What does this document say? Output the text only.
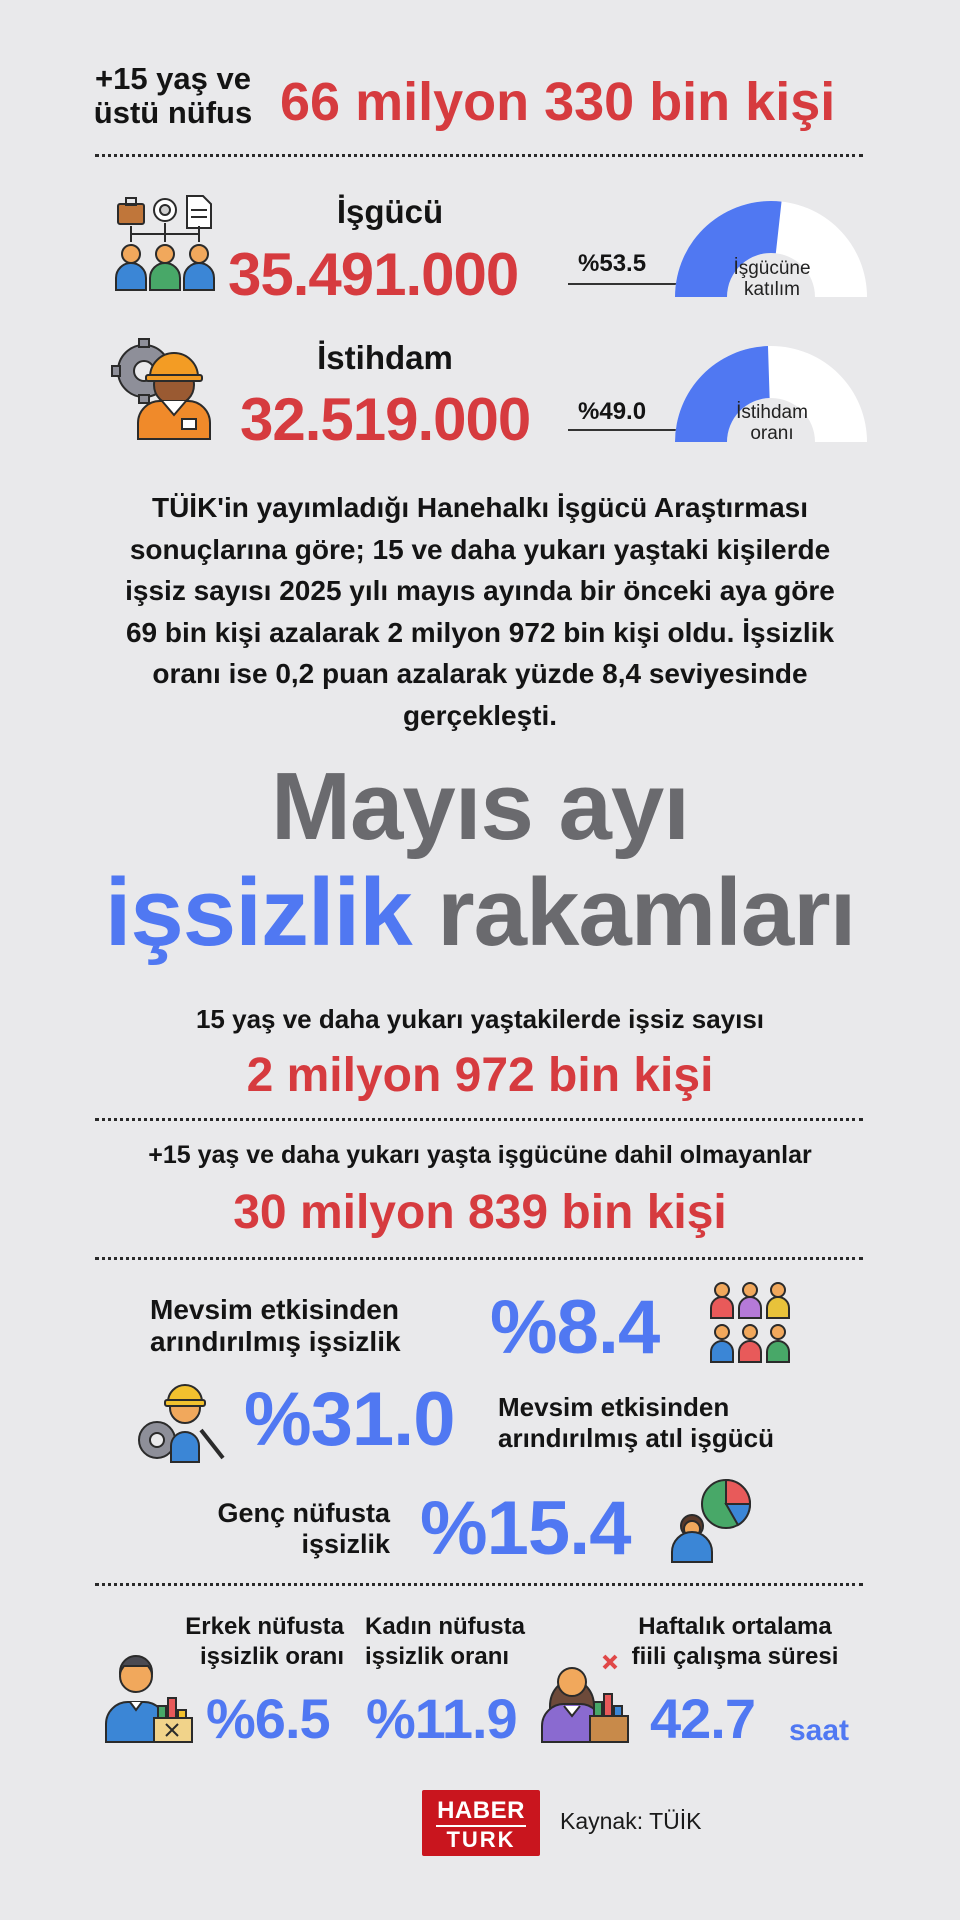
+15 yaş ve
üstü nüfus 66 milyon 330 bin kişi
İşgücü
35.491.000 %53.5	İşgücüne
katılım
İstihdam
32.519.000 %49.0	İstihdam
oranı
TÜİK'in yayımladığı Hanehalkı İşgücü Araştırması
sonuçlarına göre; 15 ve daha yukarı yaştaki kişilerde
işsiz sayısı 2025 yılı mayıs ayında bir önceki aya göre
69 bin kişi azalarak 2 milyon 972 bin kişi oldu. İşsizlik
oranı ise 0,2 puan azalarak yüzde 8,4 seviyesinde
gerçekleşti.
Mayıs ayı
işsizlik rakamları
15 yaş ve daha yukarı yaştakilerde işsiz sayısı
2 milyon 972 bin kişi
+15 yaş ve daha yukarı yaşta işgücüne dahil olmayanlar
30 milyon 839 bin kişi
Mevsim etkisinden
arındırılmış işsizlik	%8.4
%31.0 Mevsim etkisinden
arındırılmış atıl işgücü
Genç nüfusta
işsizlik %15.4
Erkek nüfusta
işsizlik oranı
Kadın nüfusta
işsizlik oranı
Haftalık ortalama
fiili çalışma süresi
%6.5 %11.9 42.7 saat
HABER
TURK
Kaynak: TÜİK
